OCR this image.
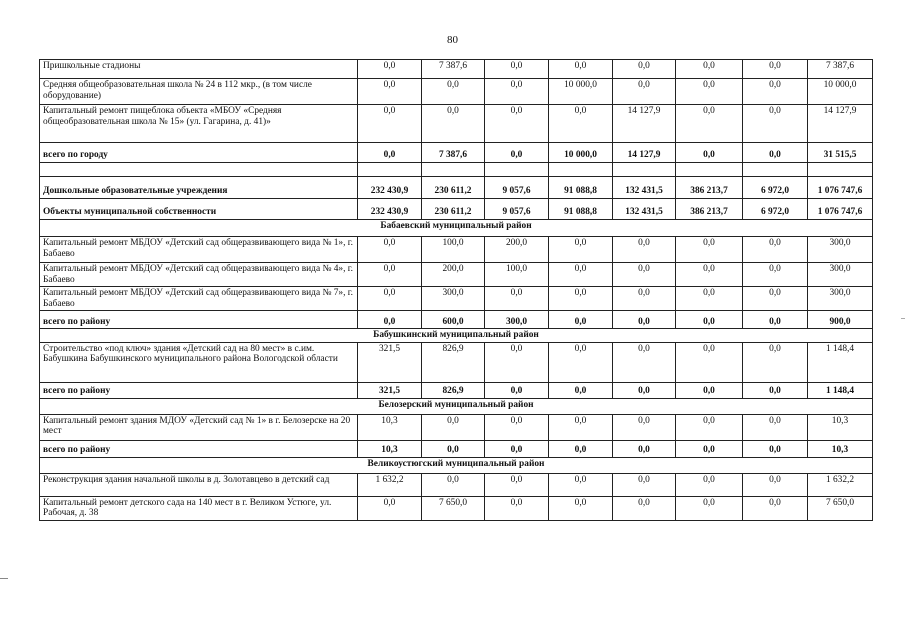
80
Пришкольные стадионы	0,0	7 387,6	0,0	0,0	0,0	0,0	0,0	7 387,6
Средняя общеобразовательная школа № 24 в 112 мкр., (в том числе оборудование)	0,0	0,0	0,0	10 000,0	0,0	0,0	0,0	10 000,0
Капитальный ремонт пищеблока объекта «МБОУ «Средняя общеобразовательная школа № 15» (ул. Гагарина, д. 41)»	0,0	0,0	0,0	0,0	14 127,9	0,0	0,0	14 127,9
всего по городу	0,0	7 387,6	0,0	10 000,0	14 127,9	0,0	0,0	31 515,5

Дошкольные образовательные учреждения	232 430,9	230 611,2	9 057,6	91 088,8	132 431,5	386 213,7	6 972,0	1 076 747,6
Объекты муниципальной собственности	232 430,9	230 611,2	9 057,6	91 088,8	132 431,5	386 213,7	6 972,0	1 076 747,6
Бабаевский муниципальный район								
Капитальный ремонт МБДОУ «Детский сад общеразвивающего вида № 1», г. Бабаево	0,0	100,0	200,0	0,0	0,0	0,0	0,0	300,0
Капитальный ремонт МБДОУ «Детский сад общеразвивающего вида № 4», г. Бабаево	0,0	200,0	100,0	0,0	0,0	0,0	0,0	300,0
Капитальный ремонт МБДОУ «Детский сад общеразвивающего вида № 7», г. Бабаево	0,0	300,0	0,0	0,0	0,0	0,0	0,0	300,0
всего по району	0,0	600,0	300,0	0,0	0,0	0,0	0,0	900,0
Бабушкинский муниципальный район								
Строительство «под ключ» здания «Детский сад на 80 мест» в с.им. Бабушкина Бабушкинского муниципального района Вологодской области	321,5	826,9	0,0	0,0	0,0	0,0	0,0	1 148,4
всего по району	321,5	826,9	0,0	0,0	0,0	0,0	0,0	1 148,4
Белозерский муниципальный район								
Капитальный ремонт здания МДОУ «Детский сад № 1» в г. Белозерске на 20 мест	10,3	0,0	0,0	0,0	0,0	0,0	0,0	10,3
всего по району	10,3	0,0	0,0	0,0	0,0	0,0	0,0	10,3
Великоустюгский муниципальный район								
Реконструкция здания начальной школы в д. Золотавцево в детский сад	1 632,2	0,0	0,0	0,0	0,0	0,0	0,0	1 632,2
Капитальный ремонт детского сада на 140 мест в г. Великом Устюге, ул. Рабочая, д. 38	0,0	7 650,0	0,0	0,0	0,0	0,0	0,0	7 650,0
